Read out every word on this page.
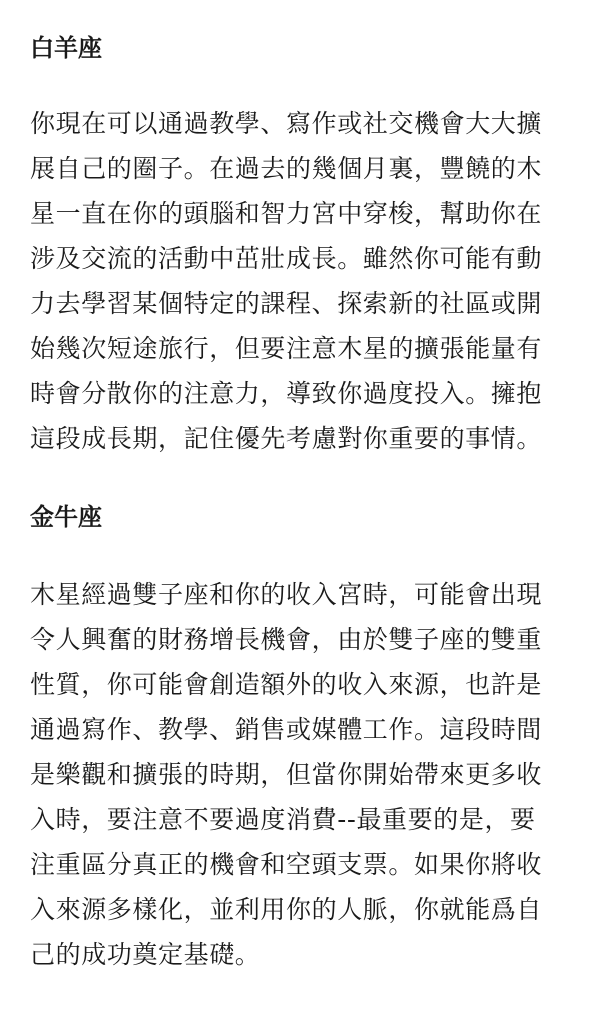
白羊座

你現在可以通過教學、寫作或社交機會大大擴
展自己的圈子。在過去的幾個月裏，豐饒的木
星一直在你的頭腦和智力宮中穿梭，幫助你在
涉及交流的活動中茁壯成長。雖然你可能有動
力去學習某個特定的課程、探索新的社區或開
始幾次短途旅行，但要注意木星的擴張能量有
時會分散你的注意力，導致你過度投入。擁抱
這段成長期，記住優先考慮對你重要的事情。

金牛座

木星經過雙子座和你的收入宮時，可能會出現
令人興奮的財務增長機會，由於雙子座的雙重
性質，你可能會創造額外的收入來源，也許是
通過寫作、教學、銷售或媒體工作。這段時間
是樂觀和擴張的時期，但當你開始帶來更多收
入時，要注意不要過度消費--最重要的是，要
注重區分真正的機會和空頭支票。如果你將收
入來源多樣化，並利用你的人脈，你就能爲自
己的成功奠定基礎。
